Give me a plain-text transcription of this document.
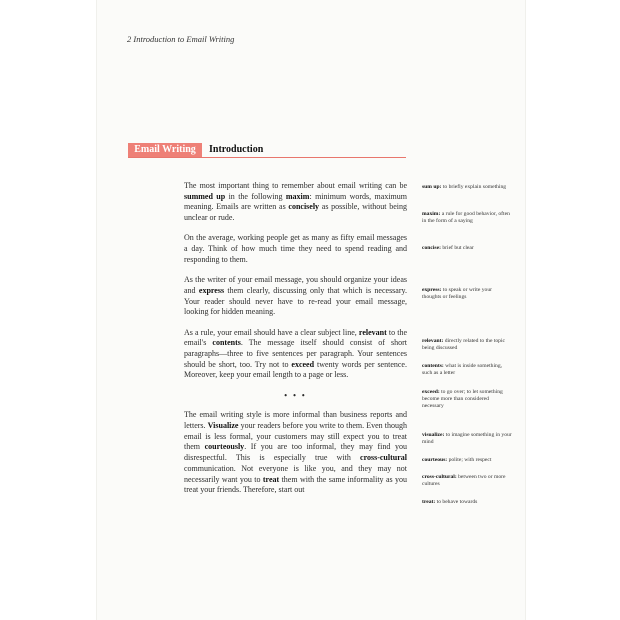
2 Introduction to Email Writing
Email Writing	Introduction

The most important thing to remember about email writing can be summed up in the following maxim: minimum words, maximum meaning. Emails are written as concisely as possible, without being unclear or rude.

On the average, working people get as many as fifty email messages a day. Think of how much time they need to spend reading and responding to them.

As the writer of your email message, you should organize your ideas and express them clearly, discussing only that which is necessary. Your reader should never have to re-read your email message, looking for hidden meaning.

As a rule, your email should have a clear subject line, relevant to the email's contents. The message itself should consist of short paragraphs—three to five sentences per paragraph. Your sentences should be short, too. Try not to exceed twenty words per sentence. Moreover, keep your email length to a page or less.

• • •

The email writing style is more informal than business reports and letters. Visualize your readers before you write to them. Even though email is less formal, your customers may still expect you to treat them courteously. If you are too informal, they may find you disrespectful. This is especially true with cross-cultural communication. Not everyone is like you, and they may not necessarily want you to treat them with the same informality as you treat your friends. Therefore, start out

sum up: to briefly explain something
maxim: a rule for good behavior, often in the form of a saying
concise: brief but clear
express: to speak or write your thoughts or feelings
relevant: directly related to the topic being discussed
contents: what is inside something, such as a letter
exceed: to go over; to let something become more than considered necessary
visualize: to imagine something in your mind
courteous: polite; with respect
cross-cultural: between two or more cultures
treat: to behave towards
